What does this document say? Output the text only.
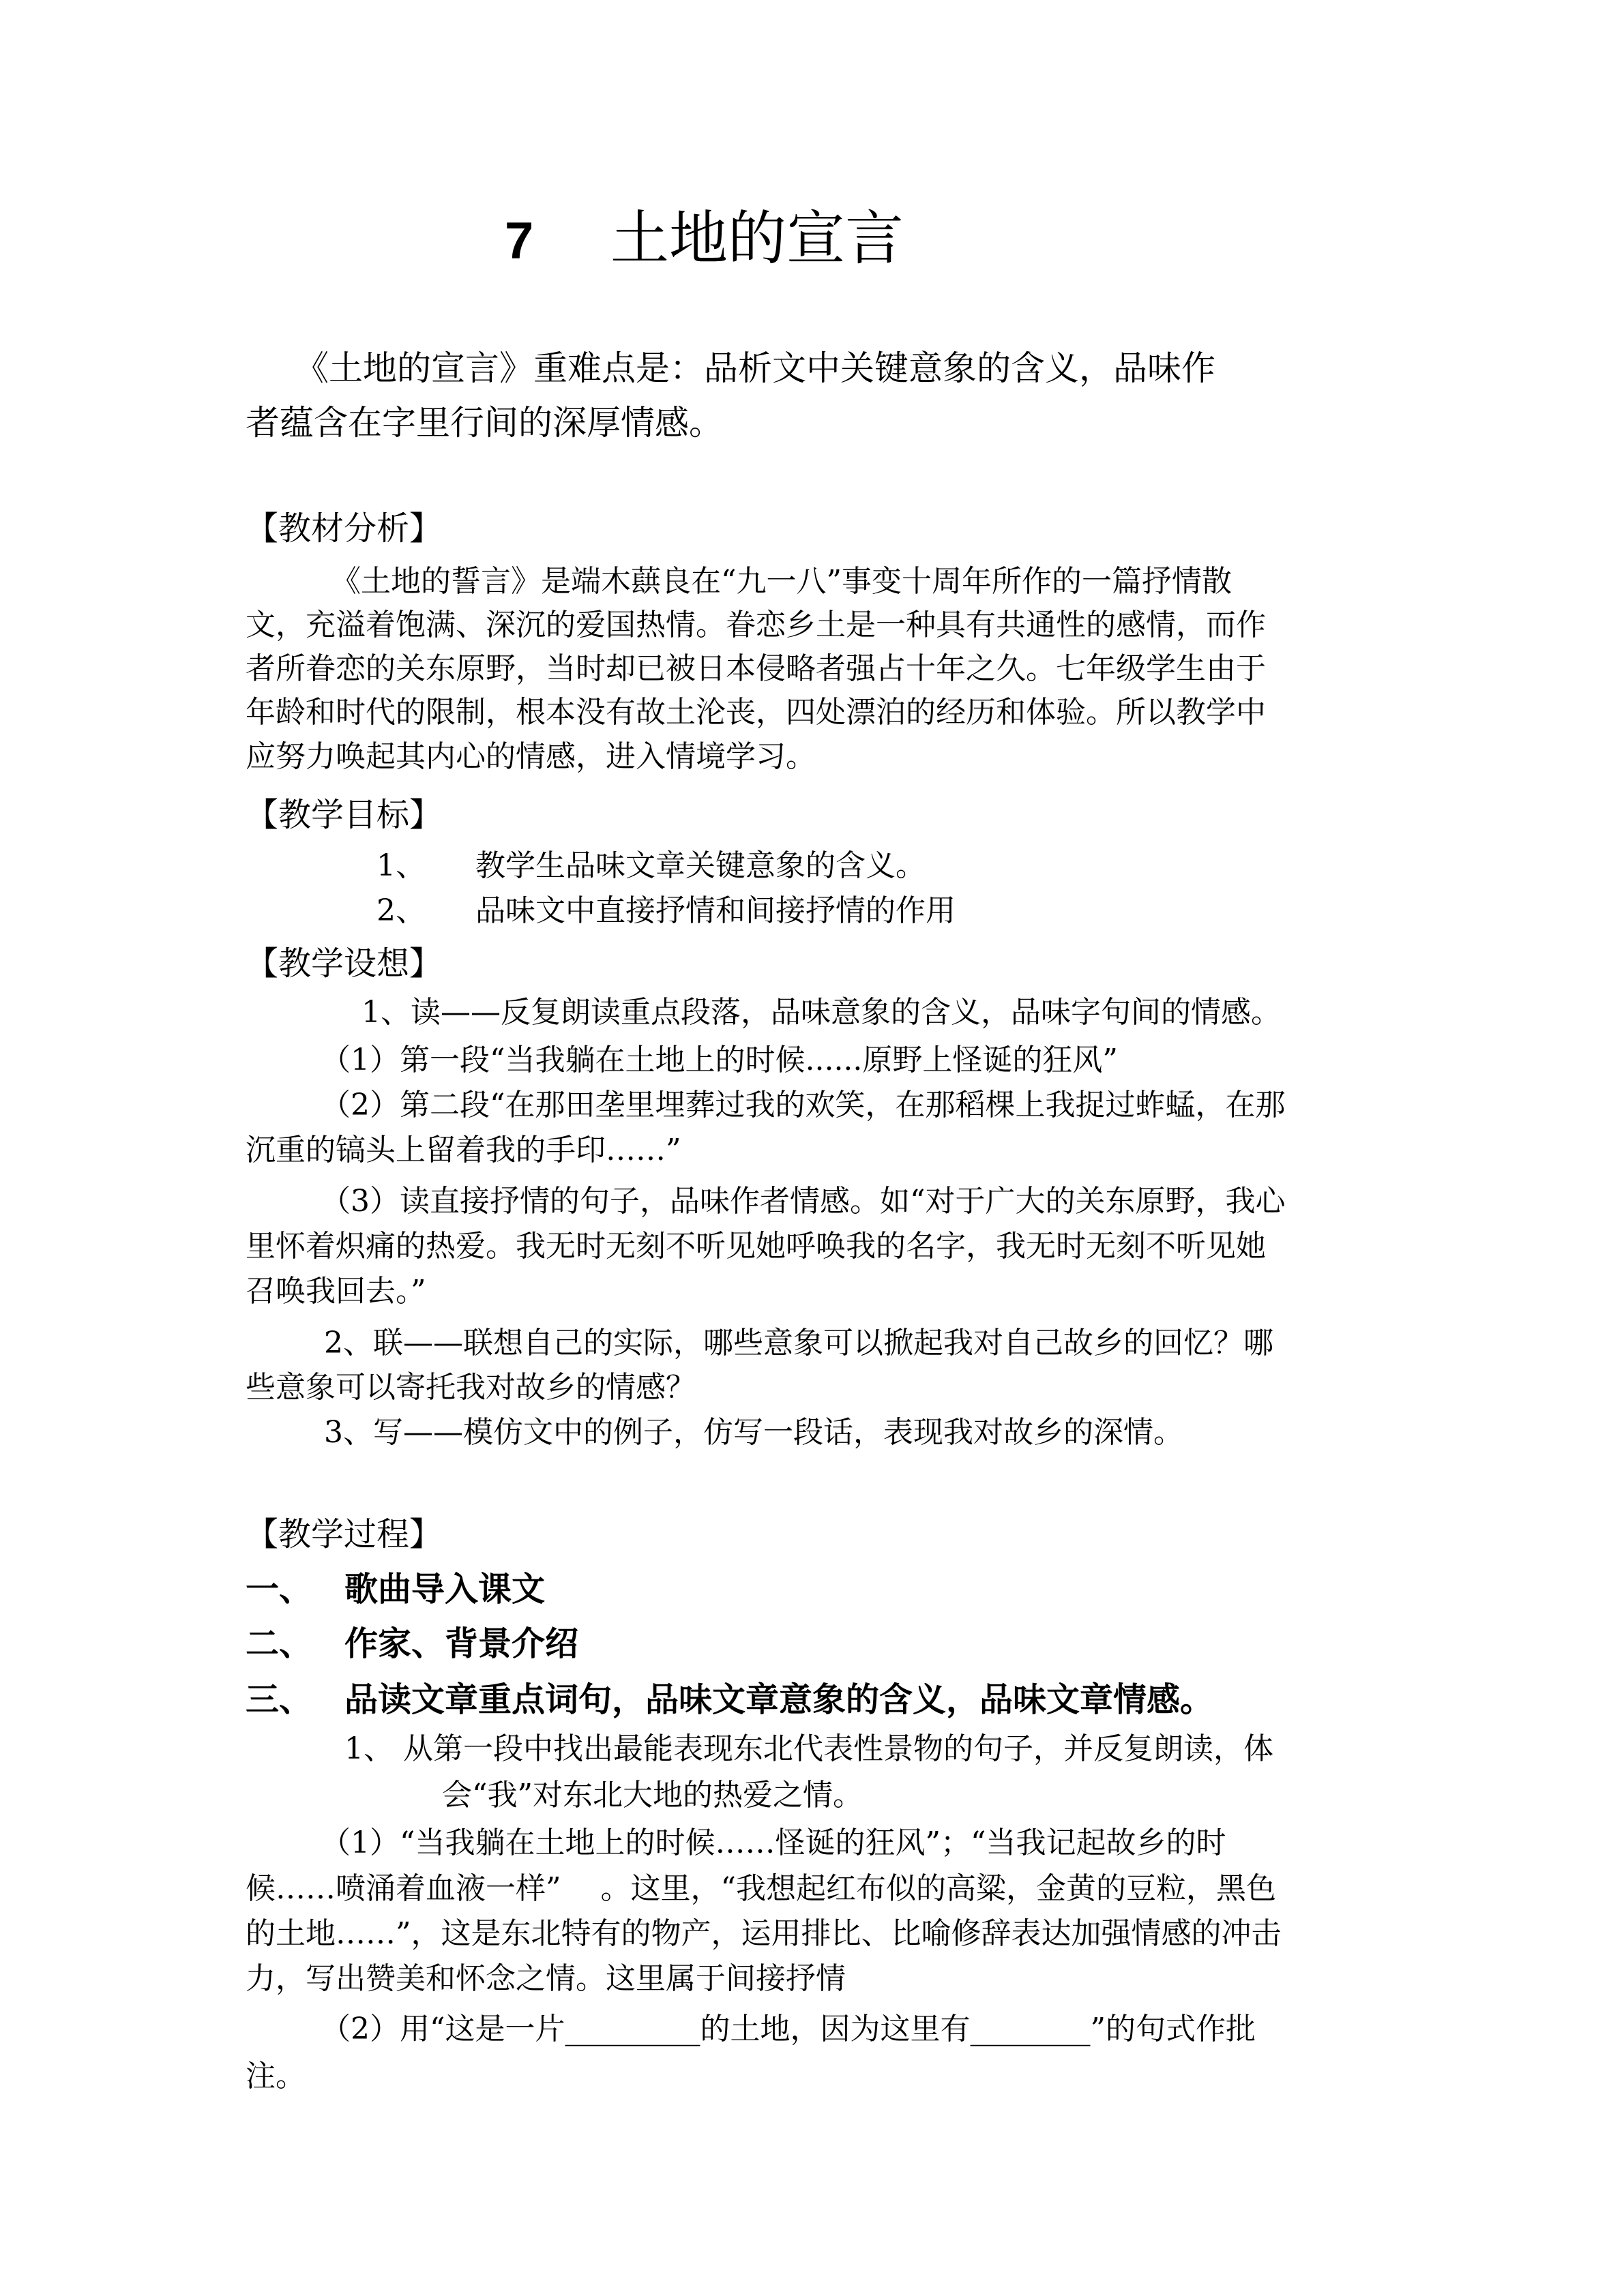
7 土地的宣言
《土地的宣言》重难点是：品析文中关键意象的含义，品味作
者蕴含在字里行间的深厚情感。
【教材分析】
《土地的誓言》是端木蕻良在“九一八”事变十周年所作的一篇抒情散
文，充溢着饱满、深沉的爱国热情。眷恋乡土是一种具有共通性的感情，而作
者所眷恋的关东原野，当时却已被日本侵略者强占十年之久。七年级学生由于
年龄和时代的限制，根本没有故土沦丧，四处漂泊的经历和体验。所以教学中
应努力唤起其内心的情感，进入情境学习。
【教学目标】
1、 教学生品味文章关键意象的含义。
2、 品味文中直接抒情和间接抒情的作用
【教学设想】
1、读——反复朗读重点段落，品味意象的含义，品味字句间的情感。
（1）第一段“当我躺在土地上的时候......原野上怪诞的狂风”
（2）第二段“在那田垄里埋葬过我的欢笑，在那稻棵上我捉过蚱蜢，在那
沉重的镐头上留着我的手印……”
（3）读直接抒情的句子，品味作者情感。如“对于广大的关东原野，我心
里怀着炽痛的热爱。我无时无刻不听见她呼唤我的名字，我无时无刻不听见她
召唤我回去。”
2、联——联想自己的实际，哪些意象可以掀起我对自己故乡的回忆？哪
些意象可以寄托我对故乡的情感？
3、写——模仿文中的例子，仿写一段话，表现我对故乡的深情。
【教学过程】
一、 歌曲导入课文
二、 作家、背景介绍
三、 品读文章重点词句，品味文章意象的含义，品味文章情感。
1、 从第一段中找出最能表现东北代表性景物的句子，并反复朗读，体
会“我”对东北大地的热爱之情。
（1）“当我躺在土地上的时候……怪诞的狂风”；“当我记起故乡的时
候……喷涌着血液一样”　 。这里，“我想起红布似的高粱，金黄的豆粒，黑色
的土地……”，这是东北特有的物产，运用排比、比喻修辞表达加强情感的冲击
力，写出赞美和怀念之情。这里属于间接抒情
（2）用“这是一片_________的土地，因为这里有________”的句式作批
注。
